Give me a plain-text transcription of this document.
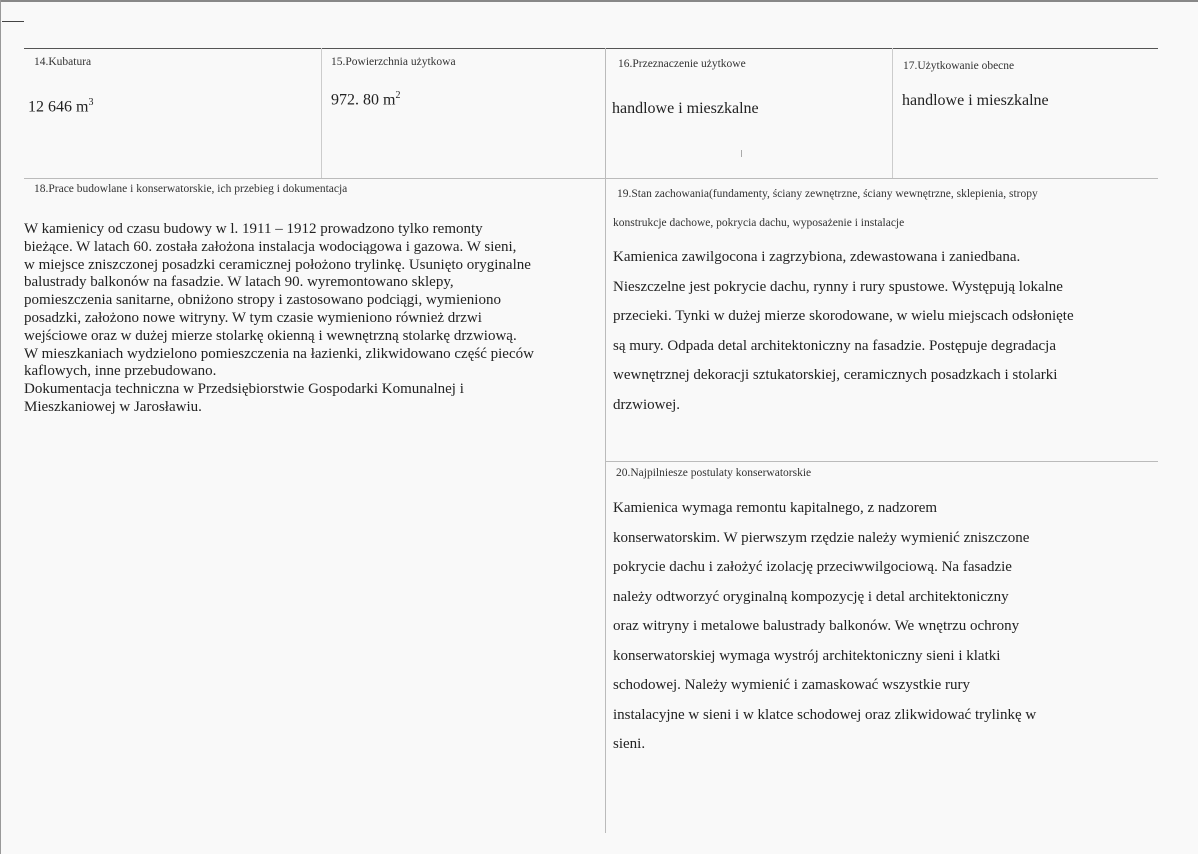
14.Kubatura
12 646 $m^3$
15.Powierzchnia użytkowa
972. 80 $m^2$
16.Przeznaczenie użytkowe
handlowe i mieszkalne
17.Użytkowanie obecne
handlowe i mieszkalne
18.Prace budowlane i konserwatorskie, ich przebieg i dokumentacja

W kamienicy od czasu budowy w l. 1911 – 1912 prowadzono tylko remonty

bieżące. W latach 60. została założona instalacja wodociągowa i gazowa. W sieni,

w miejsce zniszczonej posadzki ceramicznej położono trylinkę. Usunięto oryginalne

balustrady balkonów na fasadzie. W latach 90. wyremontowano sklepy,

pomieszczenia sanitarne, obniżono stropy i zastosowano podciągi, wymieniono

posadzki, założono nowe witryny. W tym czasie wymieniono również drzwi

wejściowe oraz w dużej mierze stolarkę okienną i wewnętrzną stolarkę drzwiową.

W mieszkaniach wydzielono pomieszczenia na łazienki, zlikwidowano część pieców

kaflowych, inne przebudowano.

Dokumentacja techniczna w Przedsiębiorstwie Gospodarki Komunalnej i

Mieszkaniowej w Jarosławiu.

19.Stan zachowania(fundamenty, ściany zewnętrzne, ściany wewnętrzne, sklepienia, stropy
konstrukcje dachowe, pokrycia dachu, wyposażenie i instalacje

Kamienica zawilgocona i zagrzybiona, zdewastowana i zaniedbana.

Nieszczelne jest pokrycie dachu, rynny i rury spustowe. Występują lokalne

przecieki. Tynki w dużej mierze skorodowane, w wielu miejscach odsłonięte

są mury. Odpada detal architektoniczny na fasadzie. Postępuje degradacja

wewnętrznej dekoracji sztukatorskiej, ceramicznych posadzkach i stolarki

drzwiowej.

20.Najpilniesze postulaty konserwatorskie

Kamienica wymaga remontu kapitalnego, z nadzorem

konserwatorskim. W pierwszym rzędzie należy wymienić zniszczone

pokrycie dachu i założyć izolację przeciwwilgociową. Na fasadzie

należy odtworzyć oryginalną kompozycję i detal architektoniczny

oraz witryny i metalowe balustrady balkonów. We wnętrzu ochrony

konserwatorskiej wymaga wystrój architektoniczny sieni i klatki

schodowej. Należy wymienić i zamaskować wszystkie rury

instalacyjne w sieni i w klatce schodowej oraz zlikwidować trylinkę w

sieni.
